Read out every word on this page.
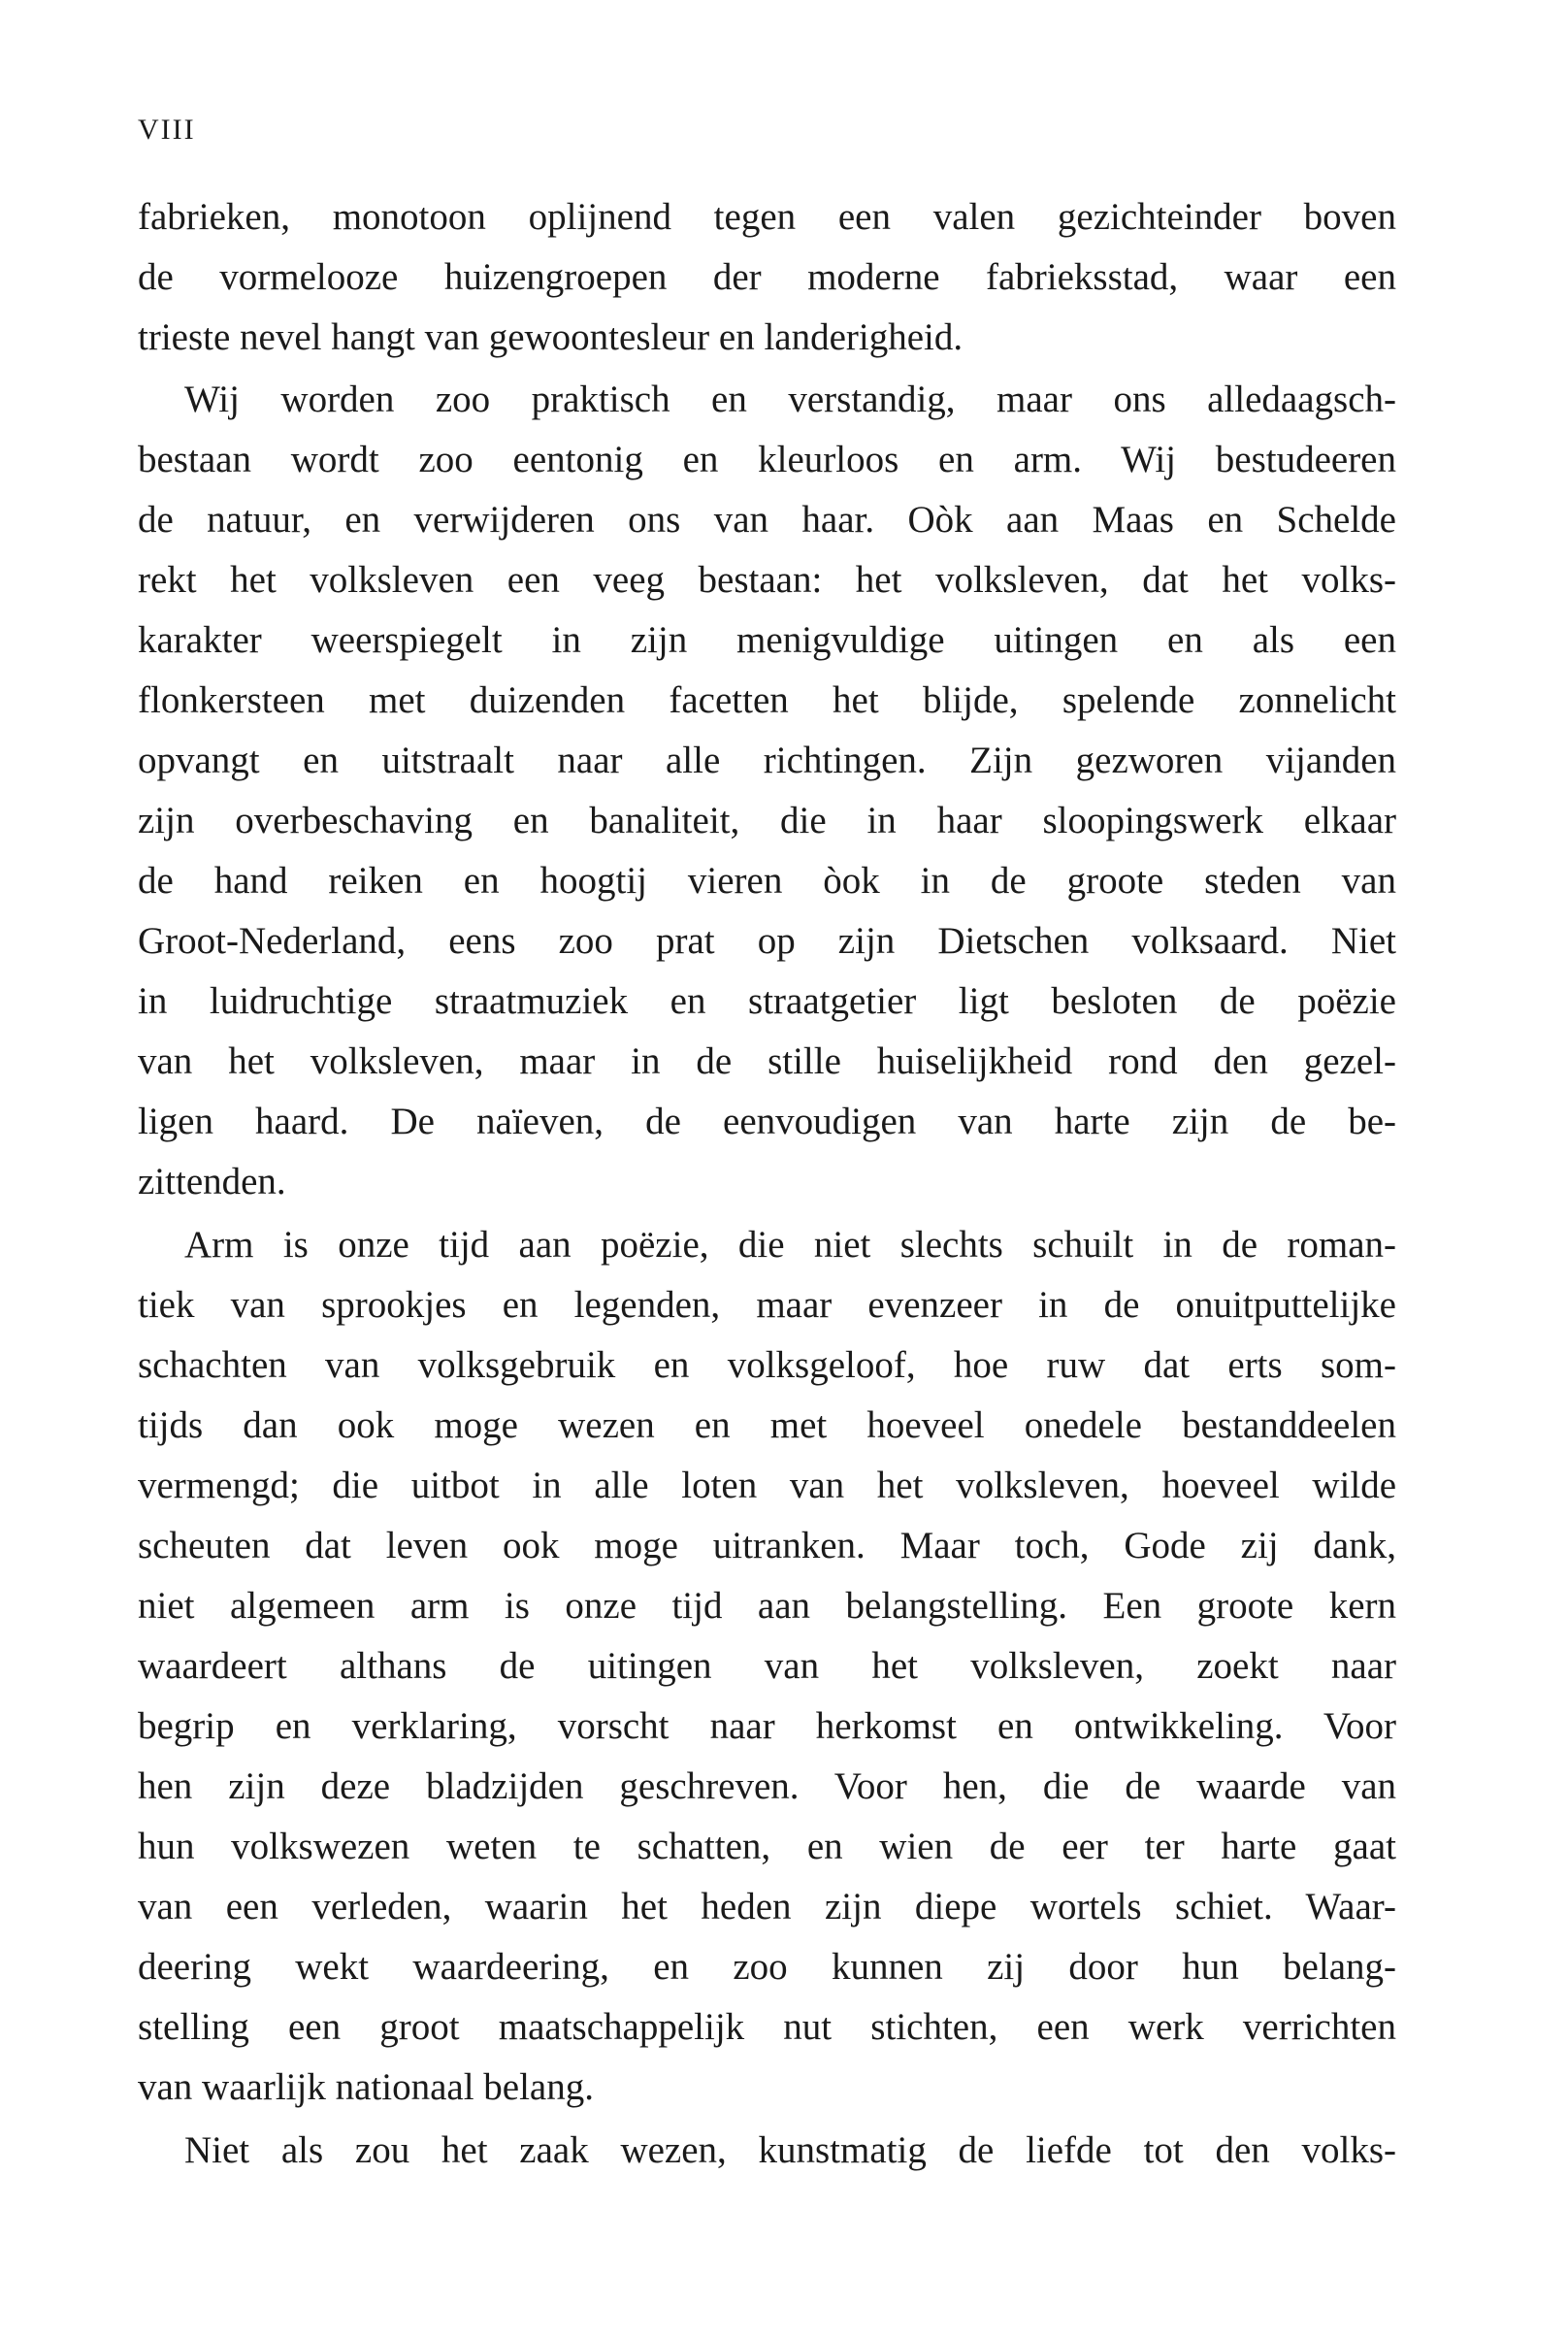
VIII
fabrieken, monotoon oplijnend tegen een valen gezichteinder boven
de vormelooze huizengroepen der moderne fabrieksstad, waar een
trieste nevel hangt van gewoontesleur en landerigheid.
Wij worden zoo praktisch en verstandig, maar ons alledaagsch-
bestaan wordt zoo eentonig en kleurloos en arm. Wij bestudeeren
de natuur, en verwijderen ons van haar. Oòk aan Maas en Schelde
rekt het volksleven een veeg bestaan: het volksleven, dat het volks-
karakter weerspiegelt in zijn menigvuldige uitingen en als een
flonkersteen met duizenden facetten het blijde, spelende zonnelicht
opvangt en uitstraalt naar alle richtingen. Zijn gezworen vijanden
zijn overbeschaving en banaliteit, die in haar sloopingswerk elkaar
de hand reiken en hoogtij vieren òok in de groote steden van
Groot-Nederland, eens zoo prat op zijn Dietschen volksaard. Niet
in luidruchtige straatmuziek en straatgetier ligt besloten de poëzie
van het volksleven, maar in de stille huiselijkheid rond den gezel-
ligen haard. De naïeven, de eenvoudigen van harte zijn de be-
zittenden.
Arm is onze tijd aan poëzie, die niet slechts schuilt in de roman-
tiek van sprookjes en legenden, maar evenzeer in de onuitputtelijke
schachten van volksgebruik en volksgeloof, hoe ruw dat erts som-
tijds dan ook moge wezen en met hoeveel onedele bestanddeelen
vermengd; die uitbot in alle loten van het volksleven, hoeveel wilde
scheuten dat leven ook moge uitranken. Maar toch, Gode zij dank,
niet algemeen arm is onze tijd aan belangstelling. Een groote kern
waardeert althans de uitingen van het volksleven, zoekt naar
begrip en verklaring, vorscht naar herkomst en ontwikkeling. Voor
hen zijn deze bladzijden geschreven. Voor hen, die de waarde van
hun volkswezen weten te schatten, en wien de eer ter harte gaat
van een verleden, waarin het heden zijn diepe wortels schiet. Waar-
deering wekt waardeering, en zoo kunnen zij door hun belang-
stelling een groot maatschappelijk nut stichten, een werk verrichten
van waarlijk nationaal belang.
Niet als zou het zaak wezen, kunstmatig de liefde tot den volks-
